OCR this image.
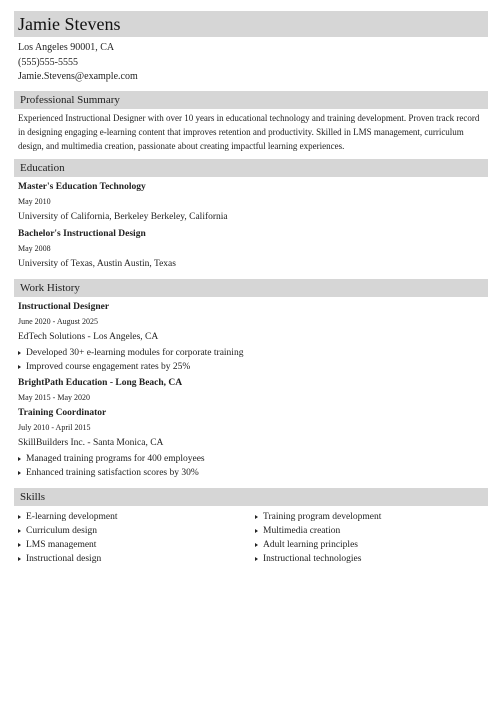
Jamie Stevens
Los Angeles 90001, CA
(555)555-5555
Jamie.Stevens@example.com
Professional Summary
Experienced Instructional Designer with over 10 years in educational technology and training development. Proven track record in designing engaging e-learning content that improves retention and productivity. Skilled in LMS management, curriculum design, and multimedia creation, passionate about creating impactful learning experiences.
Education
Master's Education Technology
May 2010
University of California, Berkeley Berkeley, California
Bachelor's Instructional Design
May 2008
University of Texas, Austin Austin, Texas
Work History
Instructional Designer
June 2020 - August 2025
EdTech Solutions - Los Angeles, CA
Developed 30+ e-learning modules for corporate training
Improved course engagement rates by 25%
BrightPath Education - Long Beach, CA
May 2015 - May 2020
Training Coordinator
July 2010 - April 2015
SkillBuilders Inc. - Santa Monica, CA
Managed training programs for 400 employees
Enhanced training satisfaction scores by 30%
Skills
E-learning development
Curriculum design
LMS management
Instructional design
Training program development
Multimedia creation
Adult learning principles
Instructional technologies
